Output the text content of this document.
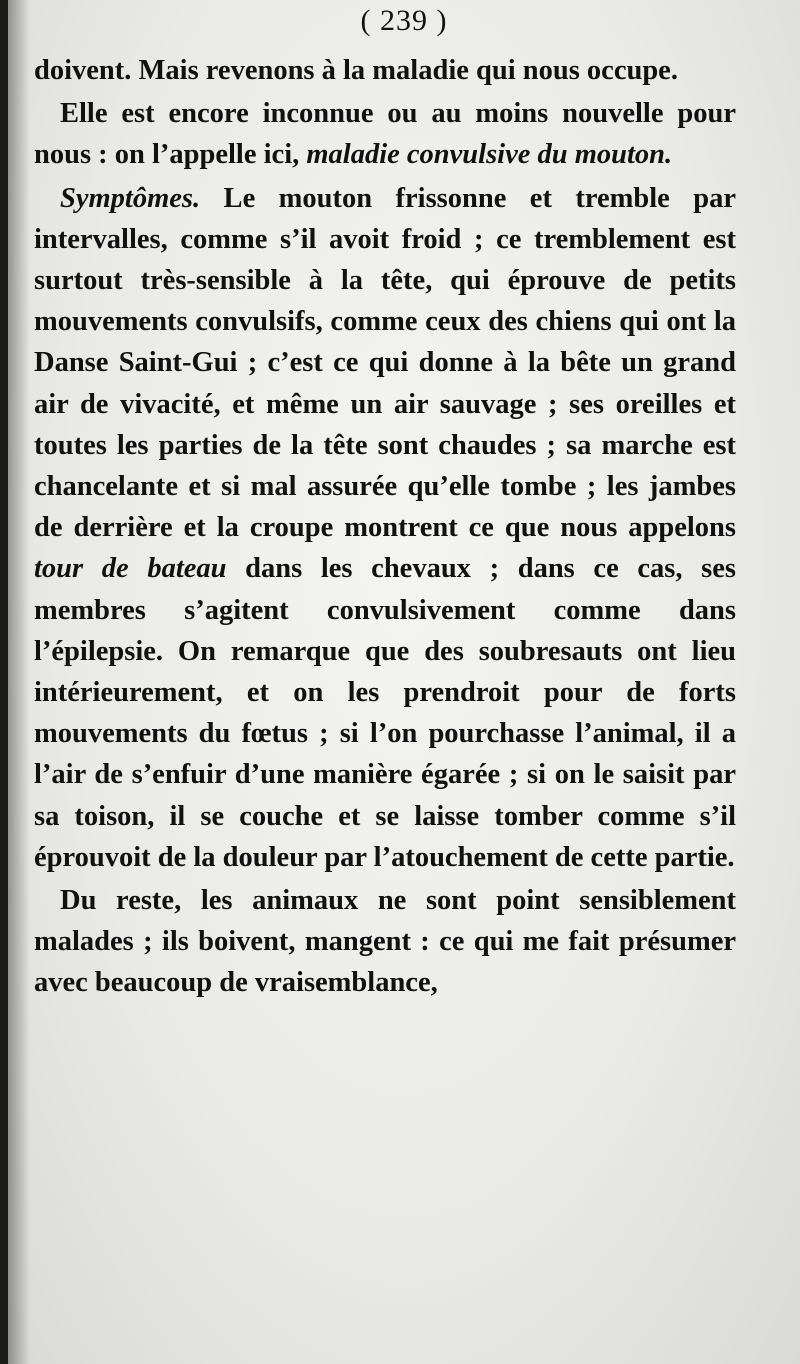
( 239 )

doivent. Mais revenons à la maladie qui nous occupe.

Elle est encore inconnue ou au moins nouvelle pour nous : on l’appelle ici, maladie convulsive du mouton.

Symptômes. Le mouton frissonne et tremble par intervalles, comme s’il avoit froid ; ce tremblement est surtout très-sensible à la tête, qui éprouve de petits mouvements convulsifs, comme ceux des chiens qui ont la Danse Saint-Gui ; c’est ce qui donne à la bête un grand air de vivacité, et même un air sauvage ; ses oreilles et toutes les parties de la tête sont chaudes ; sa marche est chancelante et si mal assurée qu’elle tombe ; les jambes de derrière et la croupe montrent ce que nous appelons tour de bateau dans les chevaux ; dans ce cas, ses membres s’agitent convulsivement comme dans l’épilepsie. On remarque que des soubresauts ont lieu intérieurement, et on les prendroit pour de forts mouvements du fœtus ; si l’on pourchasse l’animal, il a l’air de s’enfuir d’une manière égarée ; si on le saisit par sa toison, il se couche et se laisse tomber comme s’il éprouvoit de la douleur par l’atouchement de cette partie.

Du reste, les animaux ne sont point sensiblement malades ; ils boivent, mangent : ce qui me fait présumer avec beaucoup de vraisemblance,
